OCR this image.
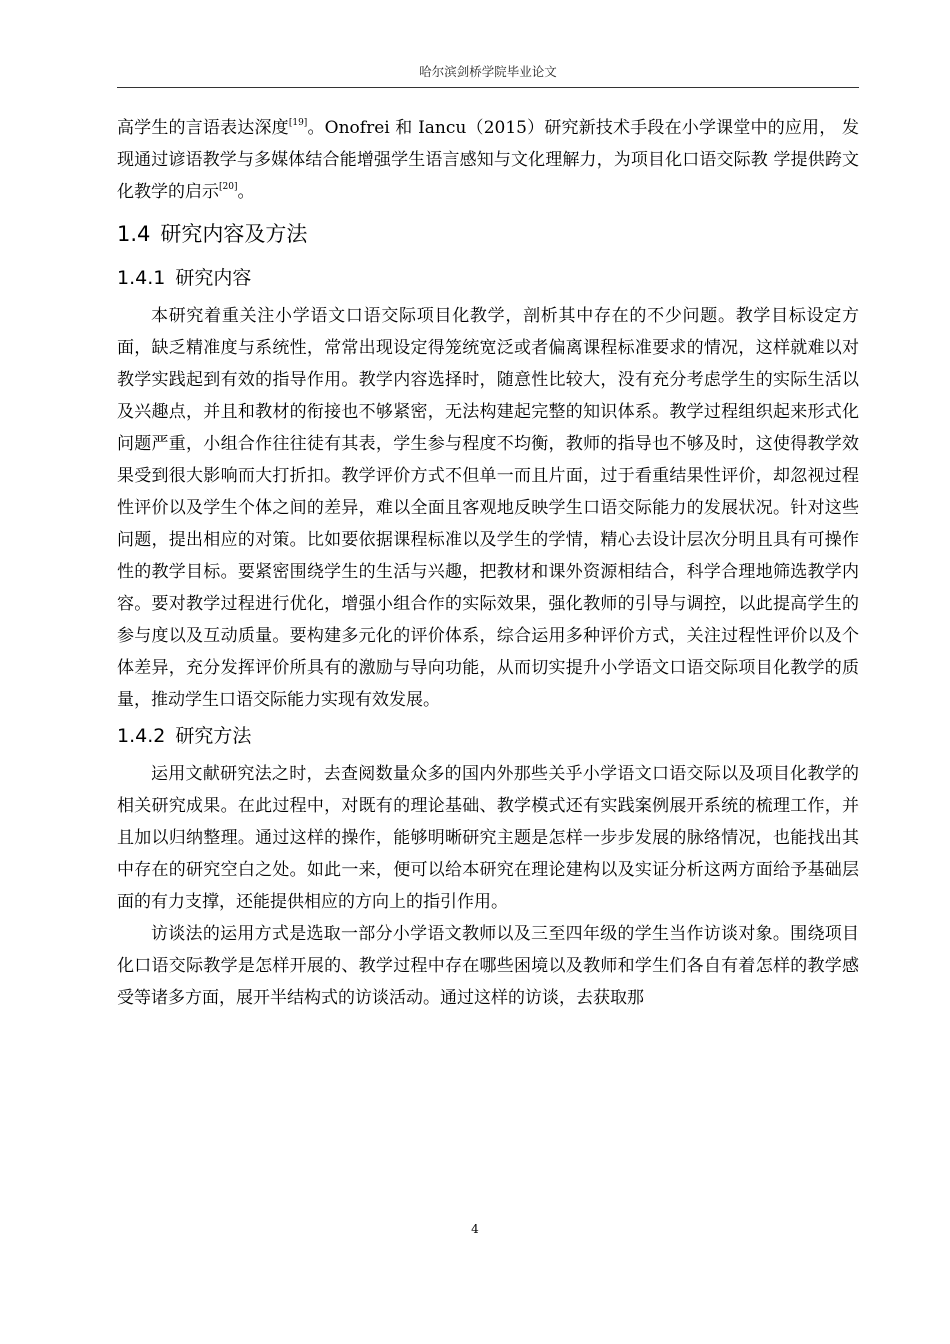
哈尔滨剑桥学院毕业论文

高学生的言语表达深度[19]。Onofrei 和 Iancu（2015）研究新技术手段在小学课堂中的应用， 发现通过谚语教学与多媒体结合能增强学生语言感知与文化理解力，为项目化口语交际教 学提供跨文化教学的启示[20]。

1.4 研究内容及方法
1.4.1 研究内容

本研究着重关注小学语文口语交际项目化教学，剖析其中存在的不少问题。教学目标设定方面，缺乏精准度与系统性，常常出现设定得笼统宽泛或者偏离课程标准要求的情况，这样就难以对教学实践起到有效的指导作用。教学内容选择时，随意性比较大，没有充分考虑学生的实际生活以及兴趣点，并且和教材的衔接也不够紧密，无法构建起完整的知识体系。教学过程组织起来形式化问题严重，小组合作往往徒有其表，学生参与程度不均衡，教师的指导也不够及时，这使得教学效果受到很大影响而大打折扣。教学评价方式不但单一而且片面，过于看重结果性评价，却忽视过程性评价以及学生个体之间的差异，难以全面且客观地反映学生口语交际能力的发展状况。针对这些问题，提出相应的对策。比如要依据课程标准以及学生的学情，精心去设计层次分明且具有可操作性的教学目标。要紧密围绕学生的生活与兴趣，把教材和课外资源相结合，科学合理地筛选教学内容。要对教学过程进行优化，增强小组合作的实际效果，强化教师的引导与调控，以此提高学生的参与度以及互动质量。要构建多元化的评价体系，综合运用多种评价方式，关注过程性评价以及个体差异，充分发挥评价所具有的激励与导向功能，从而切实提升小学语文口语交际项目化教学的质量，推动学生口语交际能力实现有效发展。

1.4.2 研究方法

运用文献研究法之时，去查阅数量众多的国内外那些关乎小学语文口语交际以及项目化教学的相关研究成果。在此过程中，对既有的理论基础、教学模式还有实践案例展开系统的梳理工作，并且加以归纳整理。通过这样的操作，能够明晰研究主题是怎样一步步发展的脉络情况，也能找出其中存在的研究空白之处。如此一来，便可以给本研究在理论建构以及实证分析这两方面给予基础层面的有力支撑，还能提供相应的方向上的指引作用。

访谈法的运用方式是选取一部分小学语文教师以及三至四年级的学生当作访谈对象。围绕项目化口语交际教学是怎样开展的、教学过程中存在哪些困境以及教师和学生们各自有着怎样的教学感受等诸多方面，展开半结构式的访谈活动。通过这样的访谈，去获取那

4
